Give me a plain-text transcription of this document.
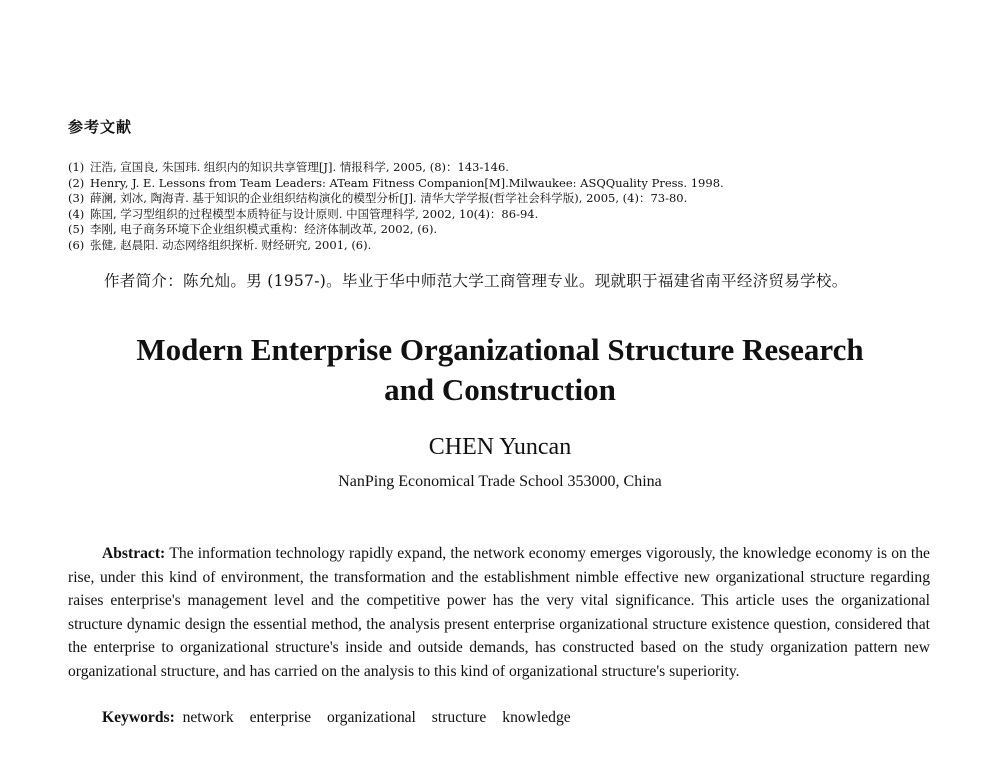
参考文献
(1) 汪浩, 宣国良, 朱国玮. 组织内的知识共享管理[J]. 情报科学, 2005, (8)：143-146.
(2) Henry, J. E. Lessons from Team Leaders: ATeam Fitness Companion[M].Milwaukee: ASQQuality Press. 1998.
(3) 薛澜, 刘冰, 陶海青. 基于知识的企业组织结构演化的模型分析[J]. 清华大学学报(哲学社会科学版), 2005, (4)：73-80.
(4) 陈国, 学习型组织的过程模型本质特征与设计原则. 中国管理科学, 2002, 10(4)：86-94.
(5) 李刚, 电子商务环境下企业组织模式重构：经济体制改革, 2002, (6).
(6) 张健, 赵晨阳. 动态网络组织探析. 财经研究, 2001, (6).
作者简介：陈允灿。男 (1957-)。毕业于华中师范大学工商管理专业。现就职于福建省南平经济贸易学校。
Modern Enterprise Organizational Structure Research
and Construction
CHEN Yuncan
NanPing Economical Trade School 353000, China
Abstract: The information technology rapidly expand, the network economy emerges vigorously, the knowledge economy is on the rise, under this kind of environment, the transformation and the establishment nimble effective new organizational structure regarding raises enterprise's management level and the competitive power has the very vital significance. This article uses the organizational structure dynamic design the essential method, the analysis present enterprise organizational structure existence question, considered that the enterprise to organizational structure's inside and outside demands, has constructed based on the study organization pattern new organizational structure, and has carried on the analysis to this kind of organizational structure's superiority.
Keywords: network enterprise organizational structure knowledge
